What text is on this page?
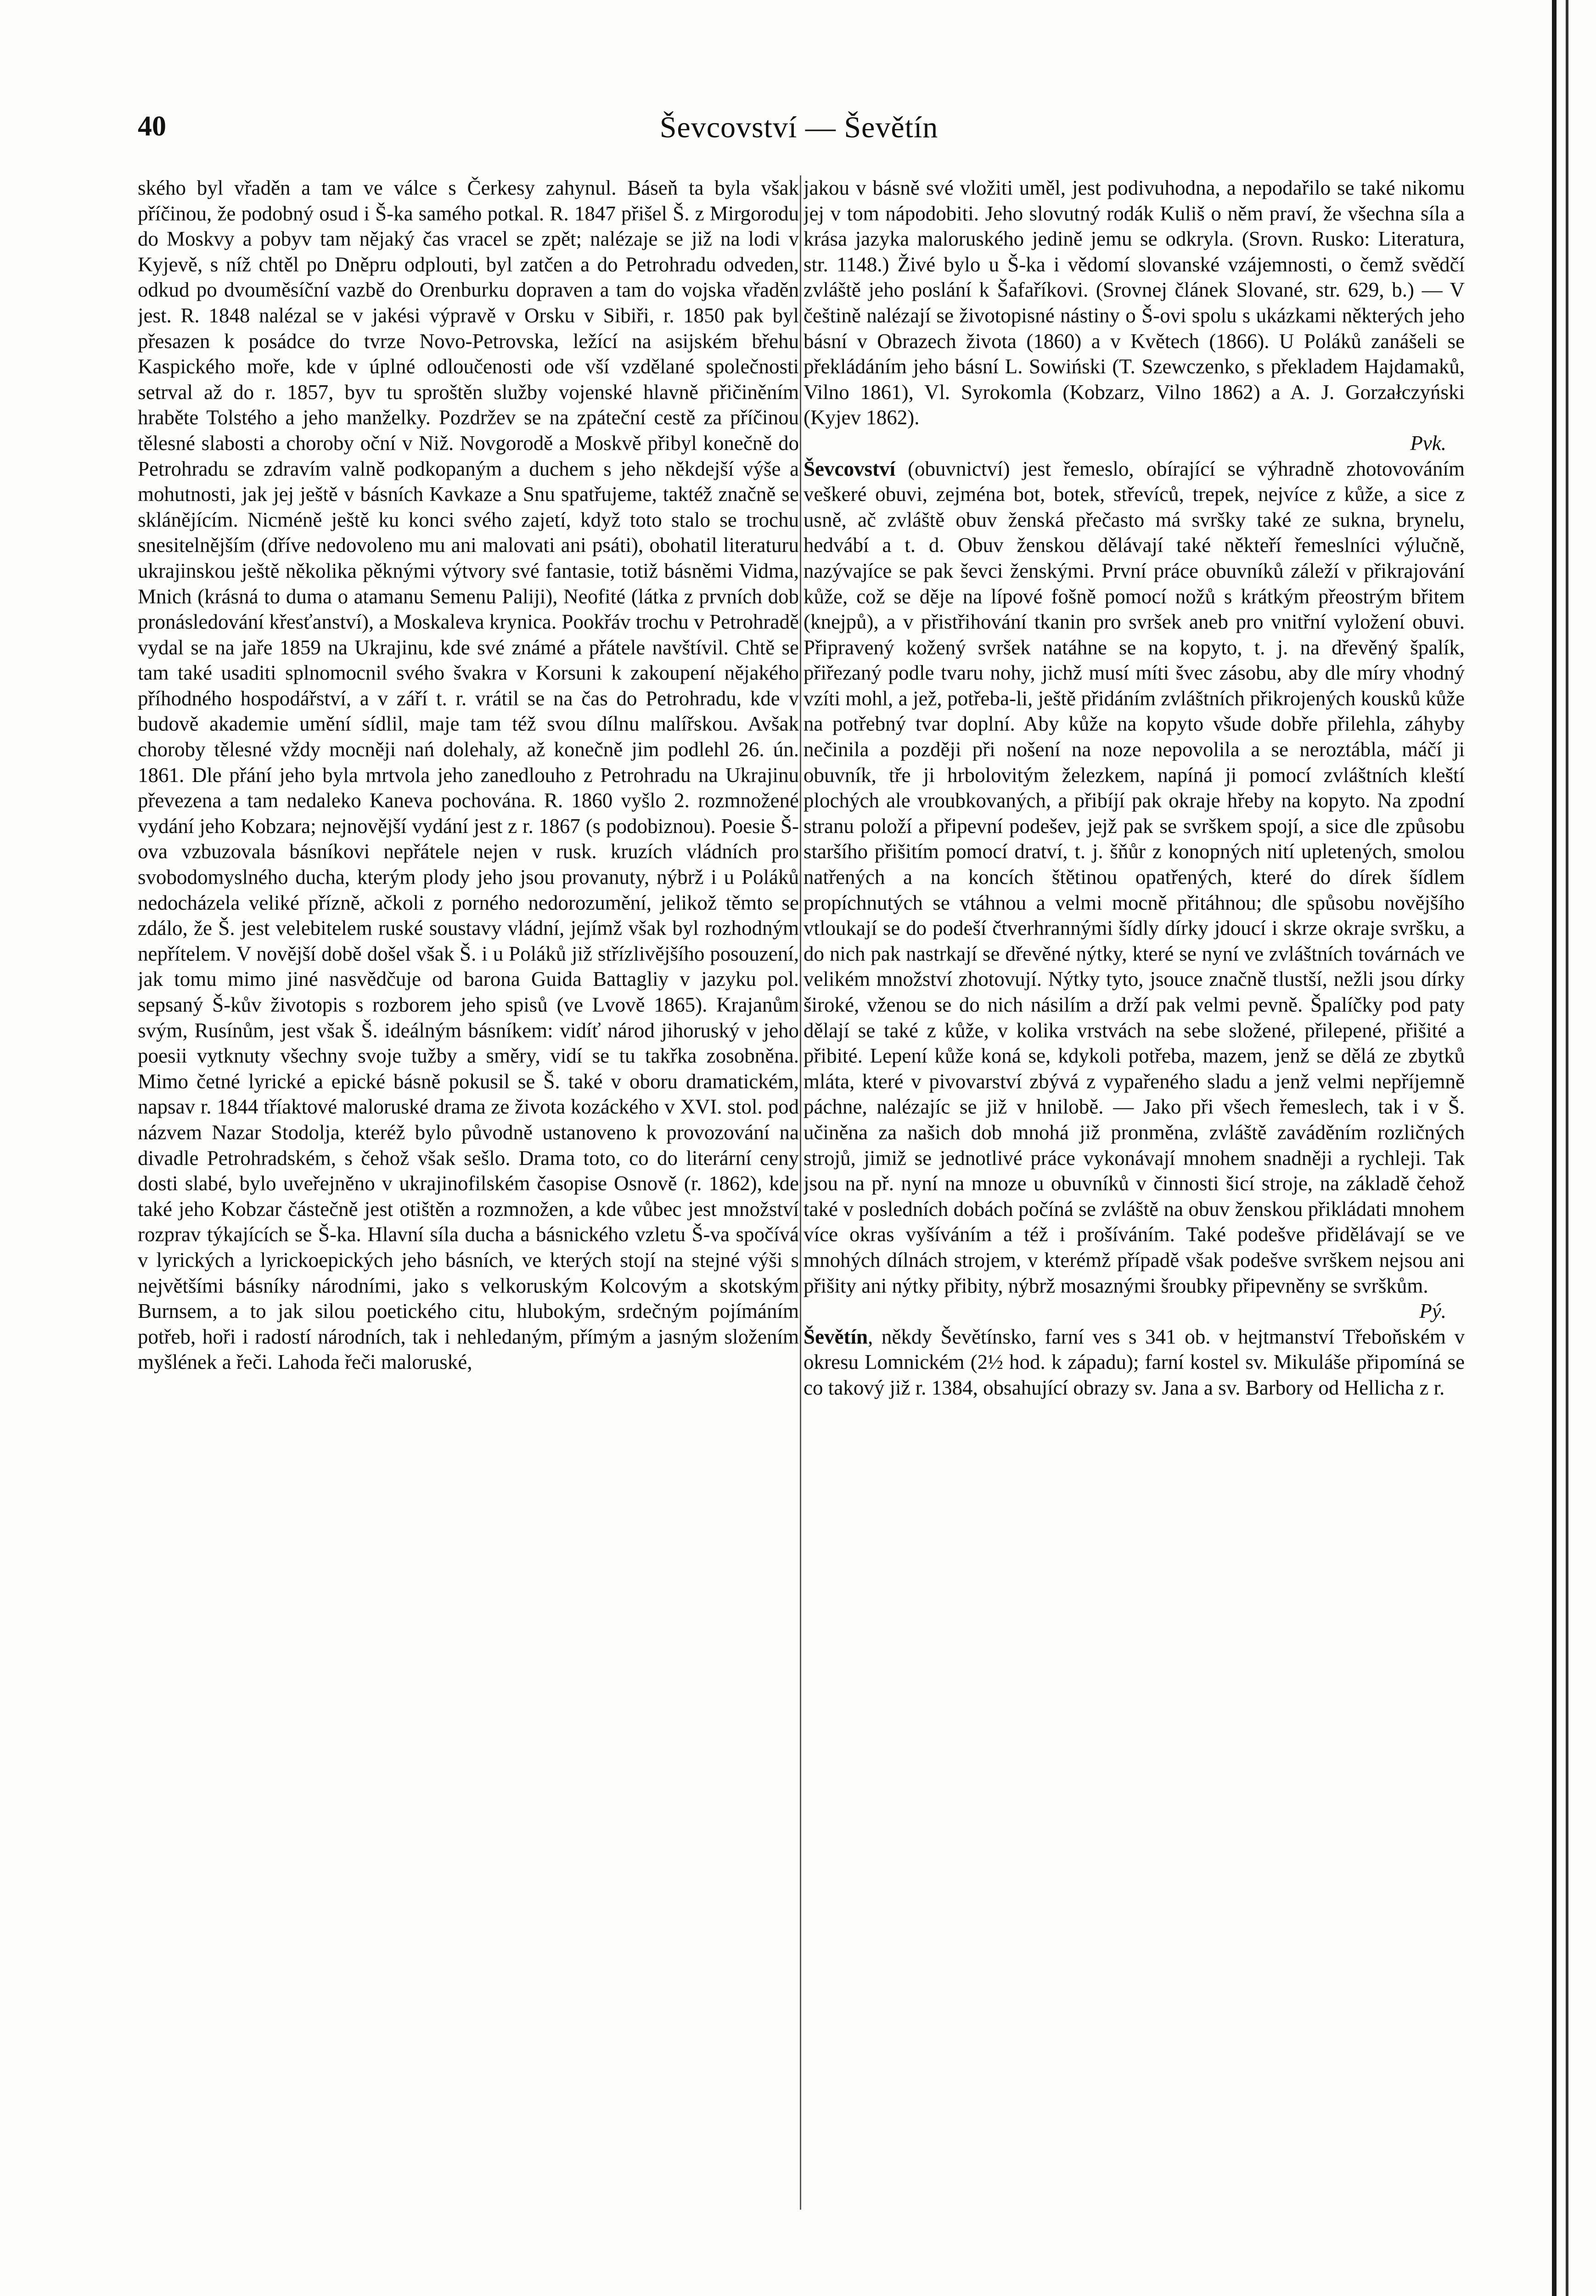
40	Ševcovství — Ševětín

ského byl vřaděn a tam ve válce s Čerkesy zahynul. Báseň ta byla však příčinou, že podobný osud i Š-ka samého potkal. R. 1847 přišel Š. z Mirgorodu do Moskvy a pobyv tam nějaký čas vracel se zpět; nalézaje se již na lodi v Kyjevě, s níž chtěl po Dněpru odplouti, byl zatčen a do Petrohradu odveden, odkud po dvouměsíční vazbě do Orenburku dopraven a tam do vojska vřaděn jest. R. 1848 nalézal se v jakési výpravě v Orsku v Sibiři, r. 1850 pak byl přesazen k posádce do tvrze Novo-Petrovska, ležící na asijském břehu Kaspického moře, kde v úplné odloučenosti ode vší vzdělané společnosti setrval až do r. 1857, byv tu sproštěn služby vojenské hlavně přičiněním hraběte Tolstého a jeho manželky. Pozdržev se na zpáteční cestě za příčinou tělesné slabosti a choroby oční v Niž. Novgorodě a Moskvě přibyl konečně do Petrohradu se zdravím valně podkopaným a duchem s jeho někdejší výše a mohutnosti, jak jej ještě v básních Kavkaze a Snu spatřujeme, taktéž značně se sklánějícím. Nicméně ještě ku konci svého zajetí, když toto stalo se trochu snesitelnějším (dříve nedovoleno mu ani malovati ani psáti), obohatil literaturu ukrajinskou ještě několika pěknými výtvory své fantasie, totiž básněmi Vidma, Mnich (krásná to duma o atamanu Semenu Paliji), Neofité (látka z prvních dob pronásledování křesťanství), a Moskaleva krynica. Pookřáv trochu v Petrohradě vydal se na jaře 1859 na Ukrajinu, kde své známé a přátele navštívil. Chtě se tam také usaditi splnomocnil svého švakra v Korsuni k zakoupení nějakého příhodného hospodářství, a v září t. r. vrátil se na čas do Petrohradu, kde v budově akademie umění sídlil, maje tam též svou dílnu malířskou. Avšak choroby tělesné vždy mocněji nań dolehaly, až konečně jim podlehl 26. ún. 1861. Dle přání jeho byla mrtvola jeho zanedlouho z Petrohradu na Ukrajinu převezena a tam nedaleko Kaneva pochována. R. 1860 vyšlo 2. rozmnožené vydání jeho Kobzara; nejnovější vydání jest z r. 1867 (s podobiznou). Poesie Š-ova vzbuzovala básníkovi nepřátele nejen v rusk. kruzích vládních pro svobodomyslného ducha, kterým plody jeho jsou provanuty, nýbrž i u Poláků nedocházela veliké přízně, ačkoli z porného nedorozumění, jelikož těmto se zdálo, že Š. jest velebitelem ruské soustavy vládní, jejímž však byl rozhodným nepřítelem. V novější době došel však Š. i u Poláků již střízlivějšího posouzení, jak tomu mimo jiné nasvědčuje od barona Guida Battagliy v jazyku pol. sepsaný Š-kův životopis s rozborem jeho spisů (ve Lvově 1865). Krajanům svým, Rusínům, jest však Š. ideálným básníkem: vidíť národ jihoruský v jeho poesii vytknuty všechny svoje tužby a směry, vidí se tu takřka zosobněna. Mimo četné lyrické a epické básně pokusil se Š. také v oboru dramatickém, napsav r. 1844 tříaktové maloruské drama ze života kozáckého v XVI. stol. pod názvem Nazar Stodolja, kteréž bylo původně ustanoveno k provozování na divadle Petrohradském, s čehož však sešlo. Drama toto, co do literární ceny dosti slabé, bylo uveřejněno v ukrajinofilském časopise Osnově (r. 1862), kde také jeho Kobzar částečně jest otištěn a rozmnožen, a kde vůbec jest množství rozprav týkajících se Š-ka. Hlavní síla ducha a básnického vzletu Š-va spočívá v lyrických a lyrickoepických jeho básních, ve kterých stojí na stejné výši s největšími básníky národními, jako s velkoruským Kolcovým a skotským Burnsem, a to jak silou poetického citu, hlubokým, srdečným pojímáním potřeb, hoři i radostí národních, tak i nehledaným, přímým a jasným složením myšlének a řeči. Lahoda řeči maloruské,

jakou v básně své vložiti uměl, jest podivuhodna, a nepodařilo se také nikomu jej v tom nápodobiti. Jeho slovutný rodák Kuliš o něm praví, že všechna síla a krása jazyka maloruského jedině jemu se odkryla. (Srovn. Rusko: Literatura, str. 1148.) Živé bylo u Š-ka i vědomí slovanské vzájemnosti, o čemž svědčí zvláště jeho poslání k Šafaříkovi. (Srovnej článek Slované, str. 629, b.) — V češtině nalézají se životopisné nástiny o Š-ovi spolu s ukázkami některých jeho básní v Obrazech života (1860) a v Květech (1866). U Poláků zanášeli se překládáním jeho básní L. Sowiński (T. Szewczenko, s překladem Hajdamaků, Vilno 1861), Vl. Syrokomla (Kobzarz, Vilno 1862) a A. J. Gorzałczyński (Kyjev 1862).

Pvk.

Ševcovství (obuvnictví) jest řemeslo, obírající se výhradně zhotovováním veškeré obuvi, zejména bot, botek, střevíců, trepek, nejvíce z kůže, a sice z usně, ač zvláště obuv ženská přečasto má svršky také ze sukna, brynelu, hedvábí a t. d. Obuv ženskou dělávají také někteří řemeslníci výlučně, nazývajíce se pak ševci ženskými. První práce obuvníků záleží v přikrajování kůže, což se děje na lípové fošně pomocí nožů s krátkým přeostrým břitem (knejpů), a v přistřihování tkanin pro svršek aneb pro vnitřní vyložení obuvi. Připravený kožený svršek natáhne se na kopyto, t. j. na dřevěný špalík, přiřezaný podle tvaru nohy, jichž musí míti švec zásobu, aby dle míry vhodný vzíti mohl, a jež, potřeba-li, ještě přidáním zvláštních přikrojených kousků kůže na potřebný tvar doplní. Aby kůže na kopyto všude dobře přilehla, záhyby nečinila a později při nošení na noze nepovolila a se neroztábla, máčí ji obuvník, tře ji hrbolovitým železkem, napíná ji pomocí zvláštních kleští plochých ale vroubkovaných, a přibíjí pak okraje hřeby na kopyto. Na zpodní stranu položí a připevní podešev, jejž pak se svrškem spojí, a sice dle způsobu staršího přišitím pomocí dratví, t. j. šňůr z konopných nití upletených, smolou natřených a na koncích štětinou opatřených, které do dírek šídlem propíchnutých se vtáhnou a velmi mocně přitáhnou; dle spůsobu novějšího vtloukají se do podeší čtverhrannými šídly dírky jdoucí i skrze okraje svršku, a do nich pak nastrkají se dřevěné nýtky, které se nyní ve zvláštních továrnách ve velikém množství zhotovují. Nýtky tyto, jsouce značně tlustší, nežli jsou dírky široké, vženou se do nich násilím a drží pak velmi pevně. Špalíčky pod paty dělají se také z kůže, v kolika vrstvách na sebe složené, přilepené, přišité a přibité. Lepení kůže koná se, kdykoli potřeba, mazem, jenž se dělá ze zbytků mláta, které v pivovarství zbývá z vypařeného sladu a jenž velmi nepříjemně páchne, nalézajíc se již v hnilobě. — Jako při všech řemeslech, tak i v Š. učiněna za našich dob mnohá již pronměna, zvláště zaváděním rozličných strojů, jimiž se jednotlivé práce vykonávají mnohem snadněji a rychleji. Tak jsou na př. nyní na mnoze u obuvníků v činnosti šicí stroje, na základě čehož také v posledních dobách počíná se zvláště na obuv ženskou přikládati mnohem více okras vyšíváním a též i prošíváním. Také podešve přidělávají se ve mnohých dílnách strojem, v kterémž případě však podešve svrškem nejsou ani přišity ani nýtky přibity, nýbrž mosaznými šroubky připevněny se svrškům.

Pý.

Ševětín, někdy Ševětínsko, farní ves s 341 ob. v hejtmanství Třeboňském v okresu Lomnickém (2½ hod. k západu); farní kostel sv. Mikuláše připomíná se co takový již r. 1384, obsahující obrazy sv. Jana a sv. Barbory od Hellicha z r.
